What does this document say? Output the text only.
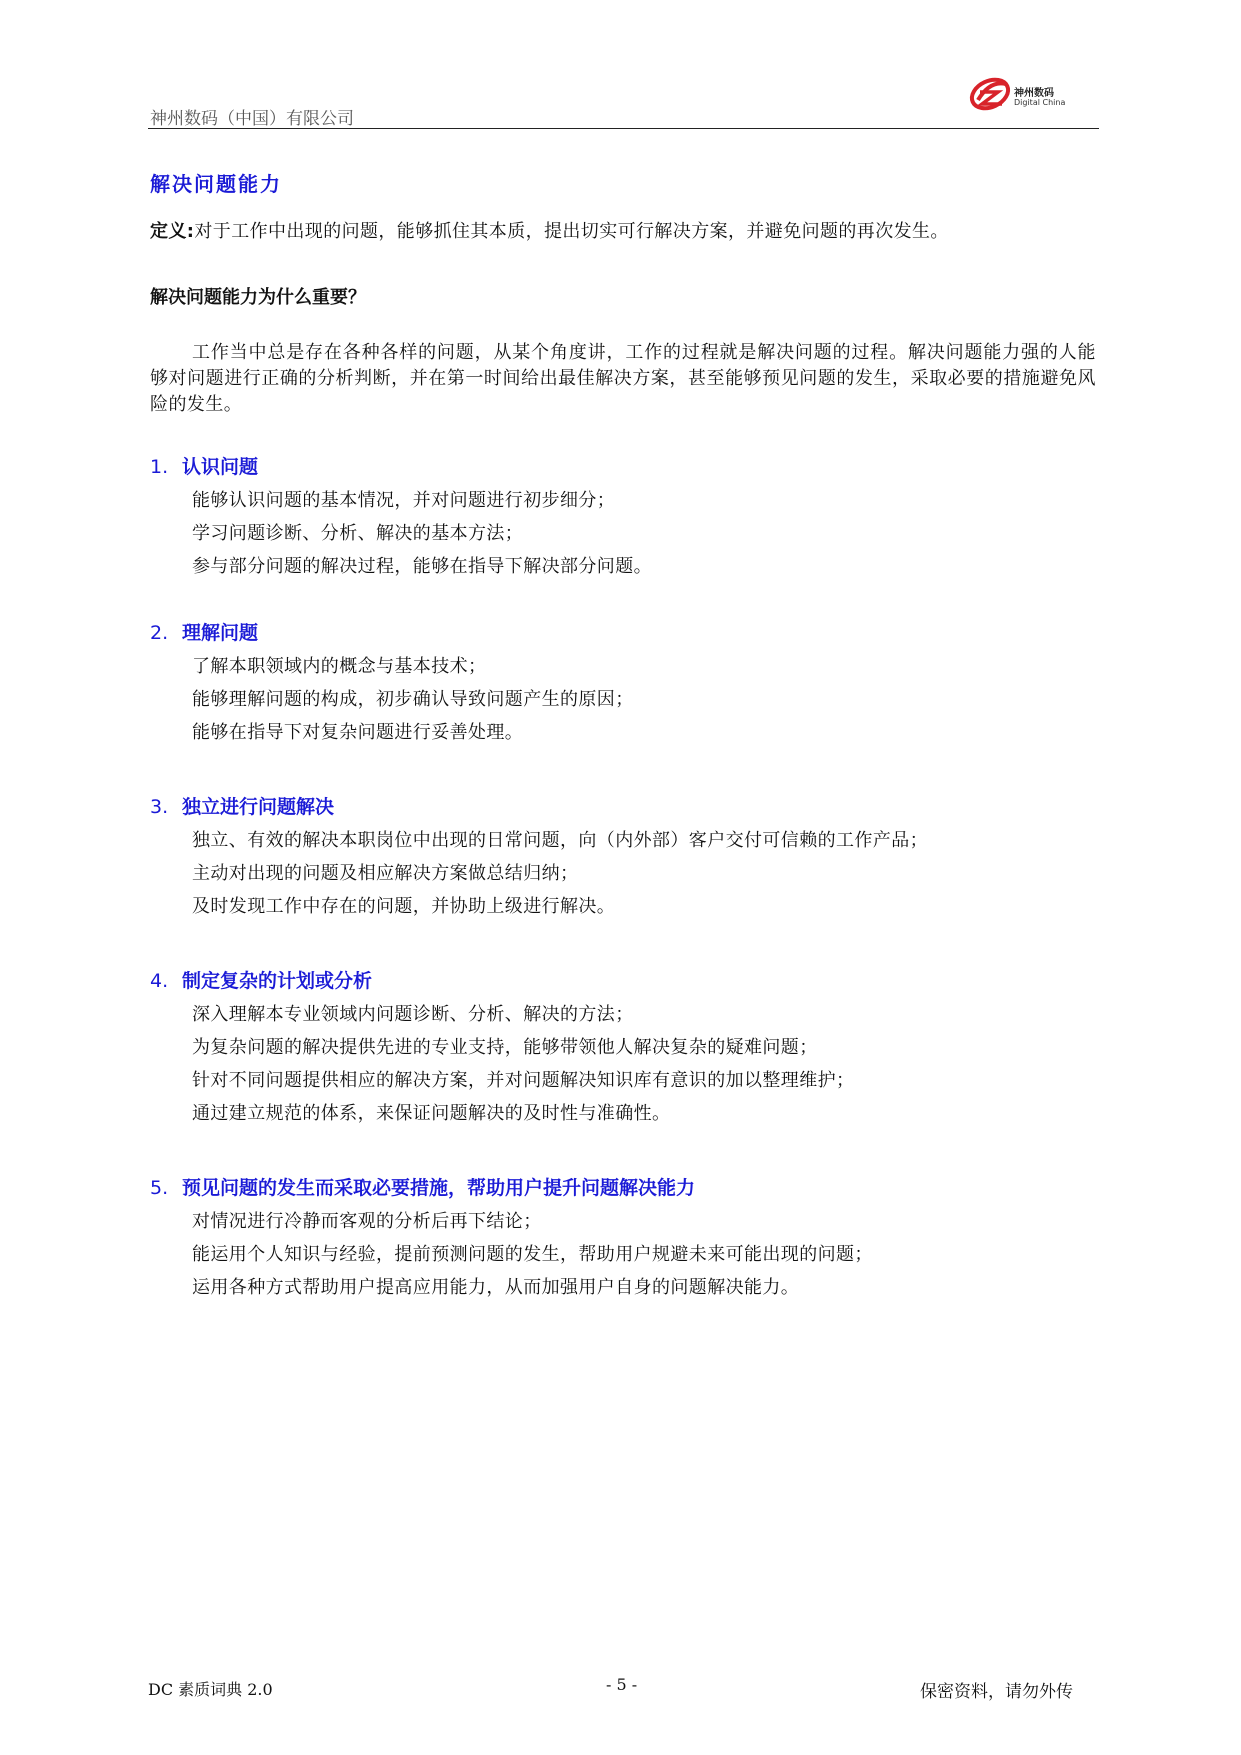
神州数码（中国）有限公司
神州数码
Digital China
解决问题能力
定义:对于工作中出现的问题，能够抓住其本质，提出切实可行解决方案，并避免问题的再次发生。
解决问题能力为什么重要？
工作当中总是存在各种各样的问题，从某个角度讲，工作的过程就是解决问题的过程。解决问题能力强的人能够对问题进行正确的分析判断，并在第一时间给出最佳解决方案，甚至能够预见问题的发生，采取必要的措施避免风险的发生。
1. 认识问题
能够认识问题的基本情况，并对问题进行初步细分；
学习问题诊断、分析、解决的基本方法；
参与部分问题的解决过程，能够在指导下解决部分问题。
2. 理解问题
了解本职领域内的概念与基本技术；
能够理解问题的构成，初步确认导致问题产生的原因；
能够在指导下对复杂问题进行妥善处理。
3. 独立进行问题解决
独立、有效的解决本职岗位中出现的日常问题，向（内外部）客户交付可信赖的工作产品；
主动对出现的问题及相应解决方案做总结归纳；
及时发现工作中存在的问题，并协助上级进行解决。
4. 制定复杂的计划或分析
深入理解本专业领域内问题诊断、分析、解决的方法；
为复杂问题的解决提供先进的专业支持，能够带领他人解决复杂的疑难问题；
针对不同问题提供相应的解决方案，并对问题解决知识库有意识的加以整理维护；
通过建立规范的体系，来保证问题解决的及时性与准确性。
5. 预见问题的发生而采取必要措施，帮助用户提升问题解决能力
对情况进行冷静而客观的分析后再下结论；
能运用个人知识与经验，提前预测问题的发生，帮助用户规避未来可能出现的问题；
运用各种方式帮助用户提高应用能力，从而加强用户自身的问题解决能力。
DC 素质词典 2.0	- 5 -	保密资料，请勿外传
